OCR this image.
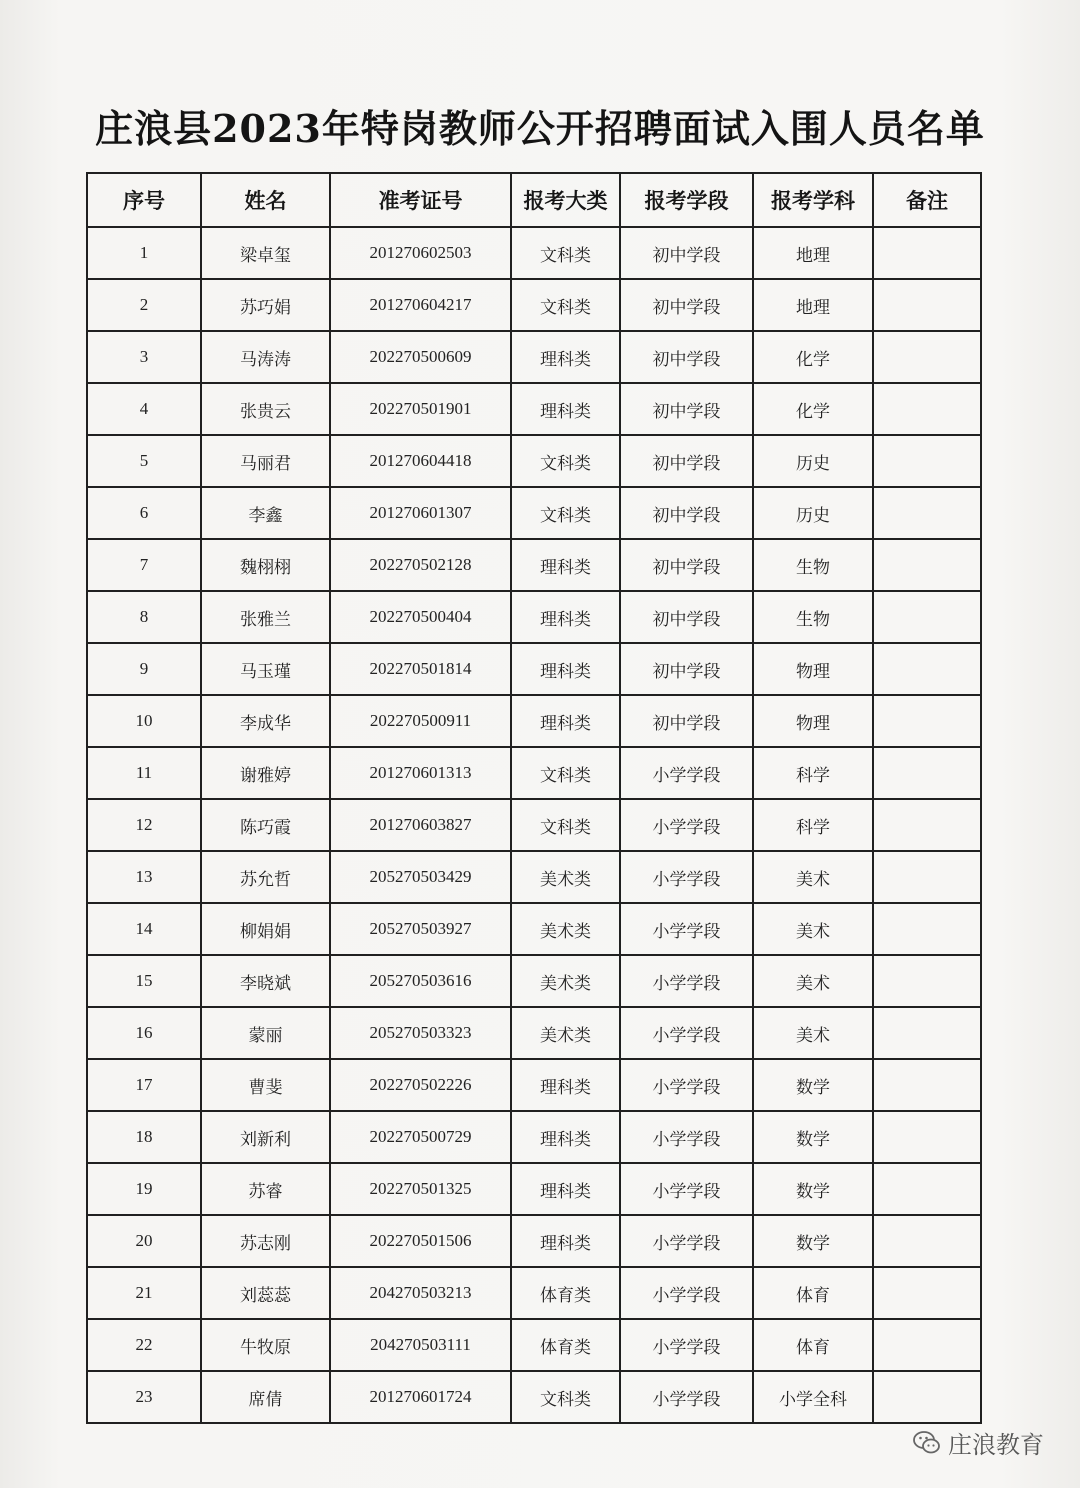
庄浪县2023年特岗教师公开招聘面试入围人员名单
序号	姓名	准考证号	报考大类	报考学段	报考学科	备注
1	梁卓玺	201270602503	文科类	初中学段	地理	
2	苏巧娟	201270604217	文科类	初中学段	地理	
3	马涛涛	202270500609	理科类	初中学段	化学	
4	张贵云	202270501901	理科类	初中学段	化学	
5	马丽君	201270604418	文科类	初中学段	历史	
6	李鑫	201270601307	文科类	初中学段	历史	
7	魏栩栩	202270502128	理科类	初中学段	生物	
8	张雅兰	202270500404	理科类	初中学段	生物	
9	马玉瑾	202270501814	理科类	初中学段	物理	
10	李成华	202270500911	理科类	初中学段	物理	
11	谢雅婷	201270601313	文科类	小学学段	科学	
12	陈巧霞	201270603827	文科类	小学学段	科学	
13	苏允哲	205270503429	美术类	小学学段	美术	
14	柳娟娟	205270503927	美术类	小学学段	美术	
15	李晓斌	205270503616	美术类	小学学段	美术	
16	蒙丽	205270503323	美术类	小学学段	美术	
17	曹斐	202270502226	理科类	小学学段	数学	
18	刘新利	202270500729	理科类	小学学段	数学	
19	苏睿	202270501325	理科类	小学学段	数学	
20	苏志刚	202270501506	理科类	小学学段	数学	
21	刘蕊蕊	204270503213	体育类	小学学段	体育	
22	牛牧原	204270503111	体育类	小学学段	体育	
23	席倩	201270601724	文科类	小学学段	小学全科	
庄浪教育
